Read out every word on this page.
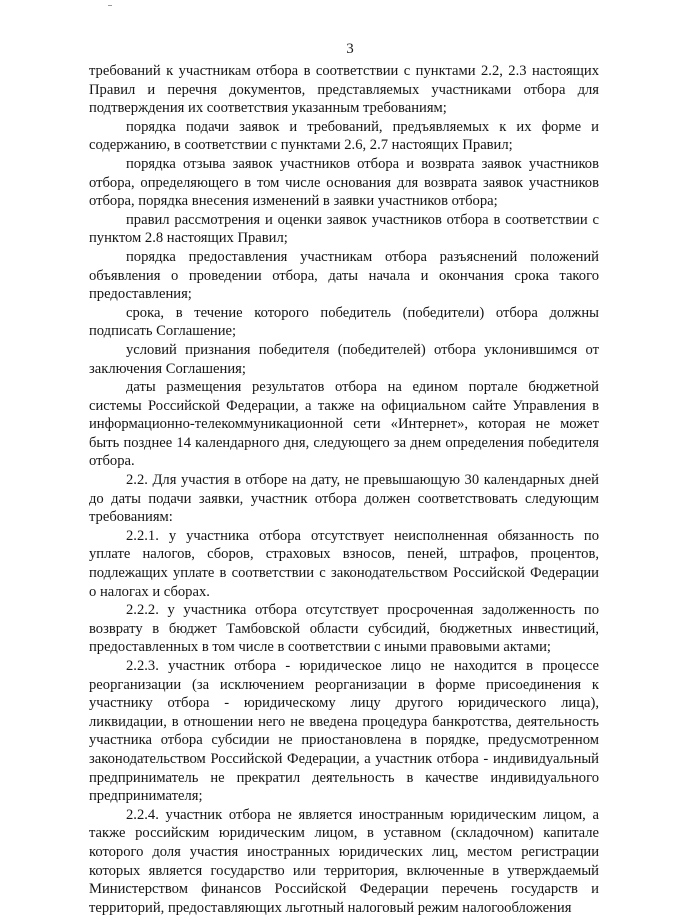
3

требований к участникам отбора в соответствии с пунктами 2.2, 2.3 настоящих Правил и перечня документов, представляемых участниками отбора для подтверждения их соответствия указанным требованиям;

порядка подачи заявок и требований, предъявляемых к их форме и содержанию, в соответствии с пунктами 2.6, 2.7 настоящих Правил;

порядка отзыва заявок участников отбора и возврата заявок участников отбора, определяющего в том числе основания для возврата заявок участников отбора, порядка внесения изменений в заявки участников отбора;

правил рассмотрения и оценки заявок участников отбора в соответствии с пунктом 2.8 настоящих Правил;

порядка предоставления участникам отбора разъяснений положений объявления о проведении отбора, даты начала и окончания срока такого предоставления;

срока, в течение которого победитель (победители) отбора должны подписать Соглашение;

условий признания победителя (победителей) отбора уклонившимся от заключения Соглашения;

даты размещения результатов отбора на едином портале бюджетной системы Российской Федерации, а также на официальном сайте Управления в информационно-телекоммуникационной сети «Интернет», которая не может быть позднее 14 календарного дня, следующего за днем определения победителя отбора.

2.2. Для участия в отборе на дату, не превышающую 30 календарных дней до даты подачи заявки, участник отбора должен соответствовать следующим требованиям:

2.2.1. у участника отбора отсутствует неисполненная обязанность по уплате налогов, сборов, страховых взносов, пеней, штрафов, процентов, подлежащих уплате в соответствии с законодательством Российской Федерации о налогах и сборах.

2.2.2. у участника отбора отсутствует просроченная задолженность по возврату в бюджет Тамбовской области субсидий, бюджетных инвестиций, предоставленных в том числе в соответствии с иными правовыми актами;

2.2.3. участник отбора - юридическое лицо не находится в процессе реорганизации (за исключением реорганизации в форме присоединения к участнику отбора - юридическому лицу другого юридического лица), ликвидации, в отношении него не введена процедура банкротства, деятельность участника отбора субсидии не приостановлена в порядке, предусмотренном законодательством Российской Федерации, а участник отбора - индивидуальный предприниматель не прекратил деятельность в качестве индивидуального предпринимателя;

2.2.4. участник отбора не является иностранным юридическим лицом, а также российским юридическим лицом, в уставном (складочном) капитале которого доля участия иностранных юридических лиц, местом регистрации которых является государство или территория, включенные в утверждаемый Министерством финансов Российской Федерации перечень государств и территорий, предоставляющих льготный налоговый режим налогообложения
